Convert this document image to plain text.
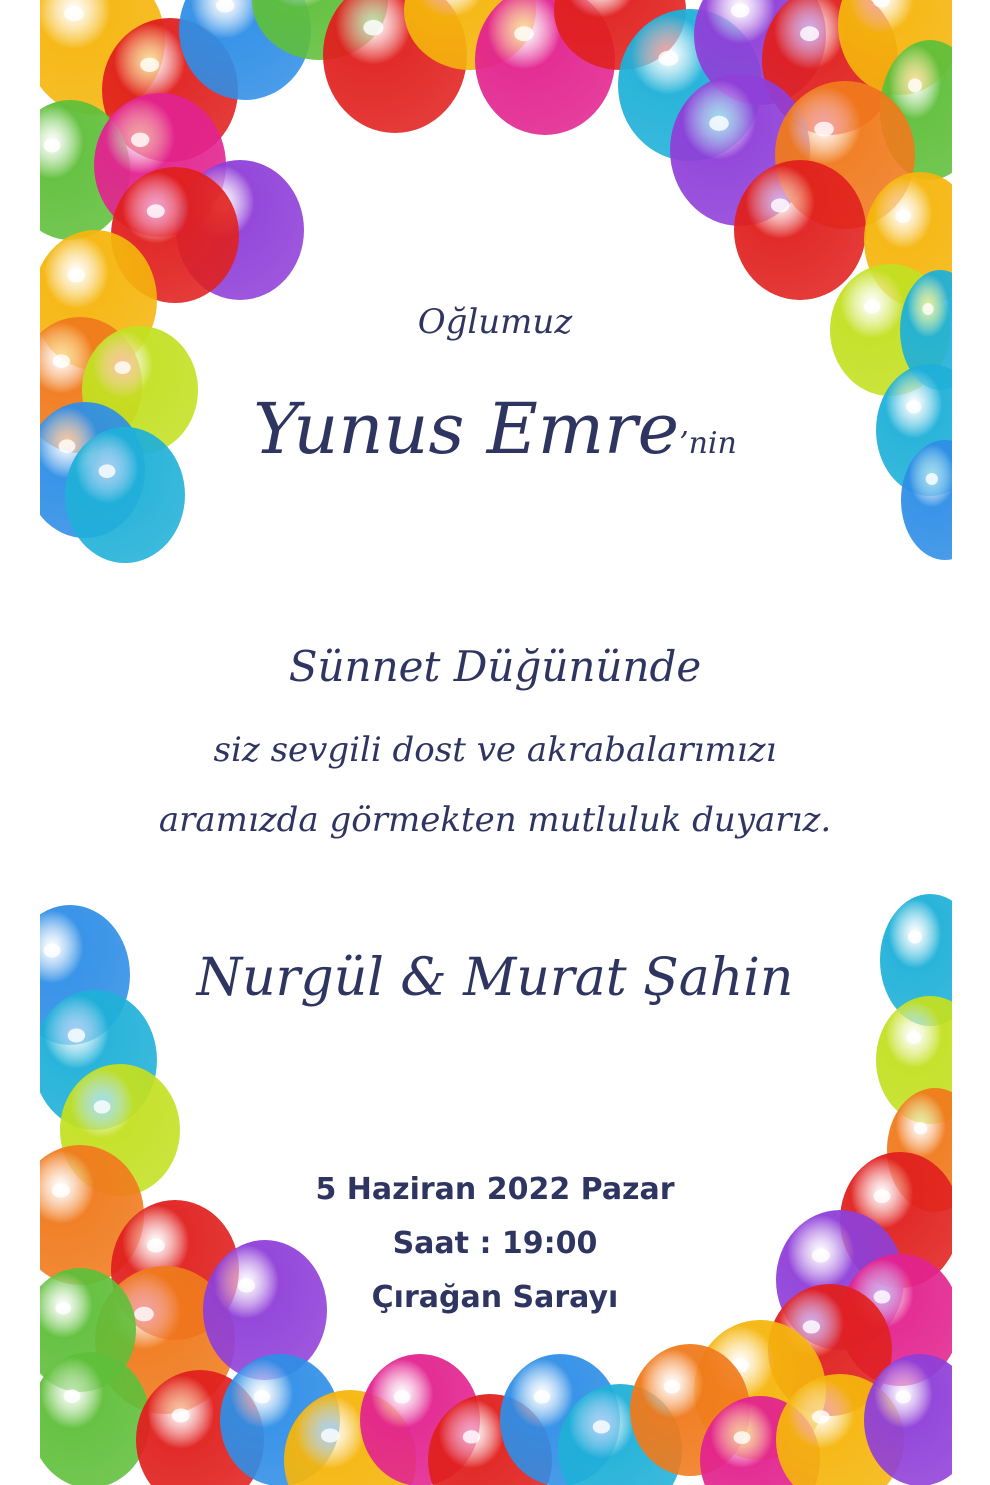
Oğlumuz
Yunus Emre’nin
Sünnet Düğününde
siz sevgili dost ve akrabalarımızı
aramızda görmekten mutluluk duyarız.
Nurgül & Murat Şahin
5 Haziran 2022 Pazar
Saat : 19:00
Çırağan Sarayı
